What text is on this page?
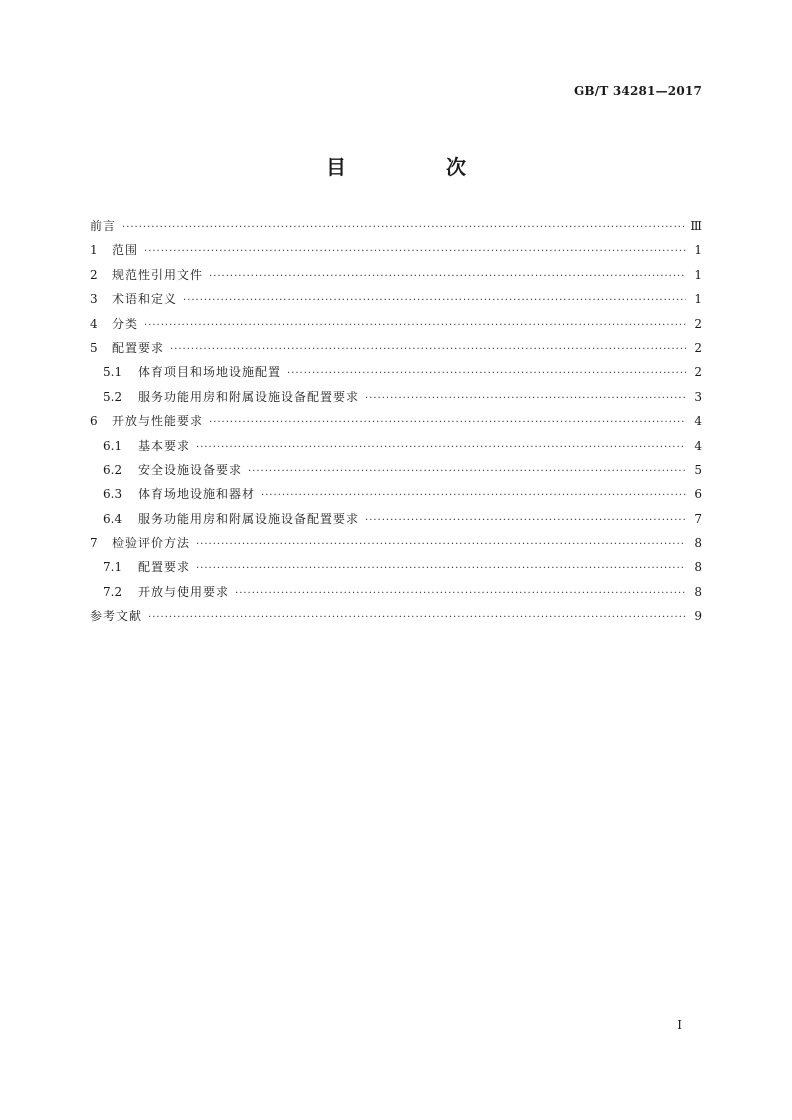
GB/T 34281—2017
目　次
前言 ·····	Ⅲ
1	范围 ·····	1
2	规范性引用文件 ·····	1
3	术语和定义 ·····	1
4	分类 ·····	2
5	配置要求 ·····	2
5.1	体育项目和场地设施配置 ·····	2
5.2	服务功能用房和附属设施设备配置要求 ·····	3
6	开放与性能要求 ·····	4
6.1	基本要求 ·····	4
6.2	安全设施设备要求 ·····	5
6.3	体育场地设施和器材 ·····	6
6.4	服务功能用房和附属设施设备配置要求 ·····	7
7	检验评价方法 ·····	8
7.1	配置要求 ·····	8
7.2	开放与使用要求 ·····	8
参考文献 ·····	9
I
